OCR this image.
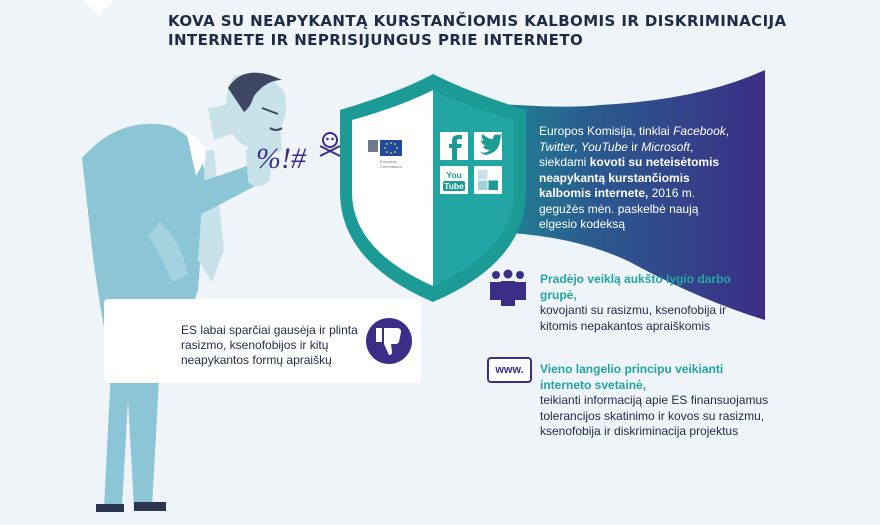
KOVA SU NEAPYKANTĄ KURSTANČIOMIS KALBOMIS IR DISKRIMINACIJA
INTERNETE IR NEPRISIJUNGUS PRIE INTERNETO
%!#	European
Commission
You
Tube
ES labai sparčiai gausėja ir plinta rasizmo, ksenofobijos ir kitų neapykantos formų apraiškų
Europos Komisija, tinklai Facebook,
Twitter, YouTube ir Microsoft, siekdami kovoti su neteisėtomis neapykantą kurstančiomis kalbomis internete, 2016 m. gegužės mėn. paskelbė naują elgesio kodeksą
Pradėjo veiklą aukšto lygio darbo grupė,
kovojanti su rasizmu, ksenofobija ir kitomis nepakantos apraiškomis
www.	Vieno langelio principu veikianti interneto svetainė,
teikianti informaciją apie ES finansuojamus tolerancijos skatinimo ir kovos su rasizmu, ksenofobija ir diskriminacija projektus
